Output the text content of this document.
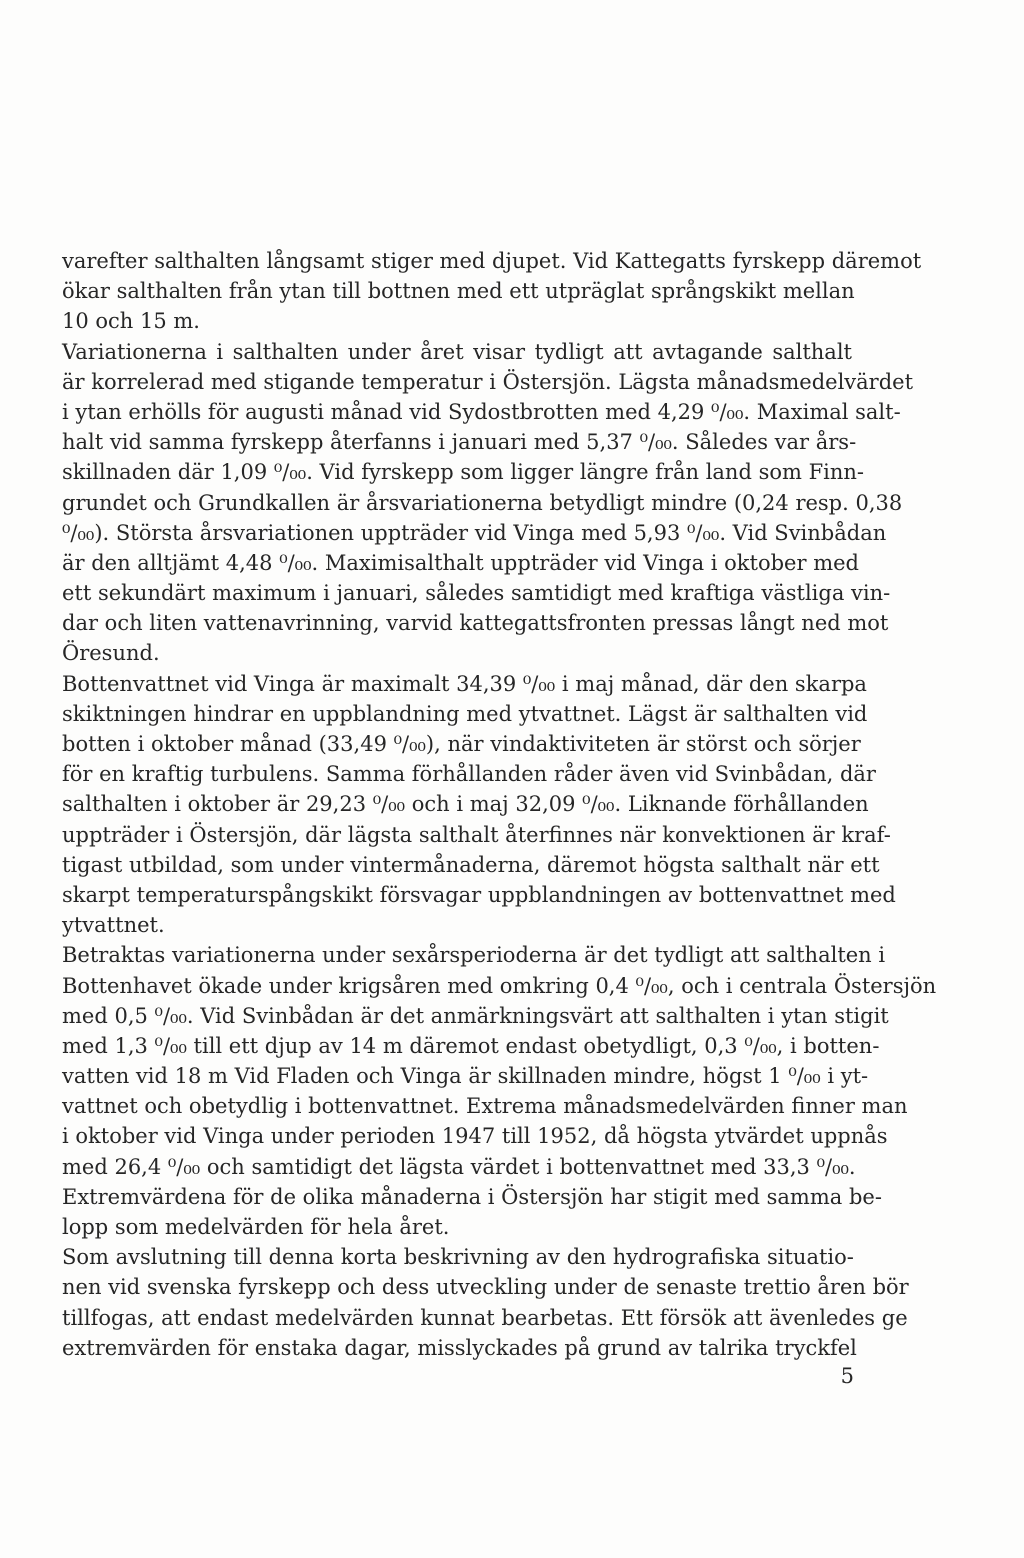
varefter salthalten långsamt stiger med djupet. Vid Kattegatts fyrskepp däremot
ökar salthalten från ytan till bottnen med ett utpräglat språngskikt mellan
10 och 15 m.
Variationerna i salthalten under året visar tydligt att avtagande salthalt
är korrelerad med stigande temperatur i Östersjön. Lägsta månadsmedelvärdet
i ytan erhölls för augusti månad vid Sydostbrotten med 4,29 ⁰/₀₀. Maximal salt-
halt vid samma fyrskepp återfanns i januari med 5,37 ⁰/₀₀. Således var års-
skillnaden där 1,09 ⁰/₀₀. Vid fyrskepp som ligger längre från land som Finn-
grundet och Grundkallen är årsvariationerna betydligt mindre (0,24 resp. 0,38
⁰/₀₀). Största årsvariationen uppträder vid Vinga med 5,93 ⁰/₀₀. Vid Svinbådan
är den alltjämt 4,48 ⁰/₀₀. Maximisalthalt uppträder vid Vinga i oktober med
ett sekundärt maximum i januari, således samtidigt med kraftiga västliga vin-
dar och liten vattenavrinning, varvid kattegattsfronten pressas långt ned mot
Öresund.
Bottenvattnet vid Vinga är maximalt 34,39 ⁰/₀₀ i maj månad, där den skarpa
skiktningen hindrar en uppblandning med ytvattnet. Lägst är salthalten vid
botten i oktober månad (33,49 ⁰/₀₀), när vindaktiviteten är störst och sörjer
för en kraftig turbulens. Samma förhållanden råder även vid Svinbådan, där
salthalten i oktober är 29,23 ⁰/₀₀ och i maj 32,09 ⁰/₀₀. Liknande förhållanden
uppträder i Östersjön, där lägsta salthalt återfinnes när konvektionen är kraf-
tigast utbildad, som under vintermånaderna, däremot högsta salthalt när ett
skarpt temperaturspångskikt försvagar uppblandningen av bottenvattnet med
ytvattnet.
Betraktas variationerna under sexårsperioderna är det tydligt att salthalten i
Bottenhavet ökade under krigsåren med omkring 0,4 ⁰/₀₀, och i centrala Östersjön
med 0,5 ⁰/₀₀. Vid Svinbådan är det anmärkningsvärt att salthalten i ytan stigit
med 1,3 ⁰/₀₀ till ett djup av 14 m däremot endast obetydligt, 0,3 ⁰/₀₀, i botten-
vatten vid 18 m Vid Fladen och Vinga är skillnaden mindre, högst 1 ⁰/₀₀ i yt-
vattnet och obetydlig i bottenvattnet. Extrema månadsmedelvärden finner man
i oktober vid Vinga under perioden 1947 till 1952, då högsta ytvärdet uppnås
med 26,4 ⁰/₀₀ och samtidigt det lägsta värdet i bottenvattnet med 33,3 ⁰/₀₀.
Extremvärdena för de olika månaderna i Östersjön har stigit med samma be-
lopp som medelvärden för hela året.
Som avslutning till denna korta beskrivning av den hydrografiska situatio-
nen vid svenska fyrskepp och dess utveckling under de senaste trettio åren bör
tillfogas, att endast medelvärden kunnat bearbetas. Ett försök att ävenledes ge
extremvärden för enstaka dagar, misslyckades på grund av talrika tryckfel
5
